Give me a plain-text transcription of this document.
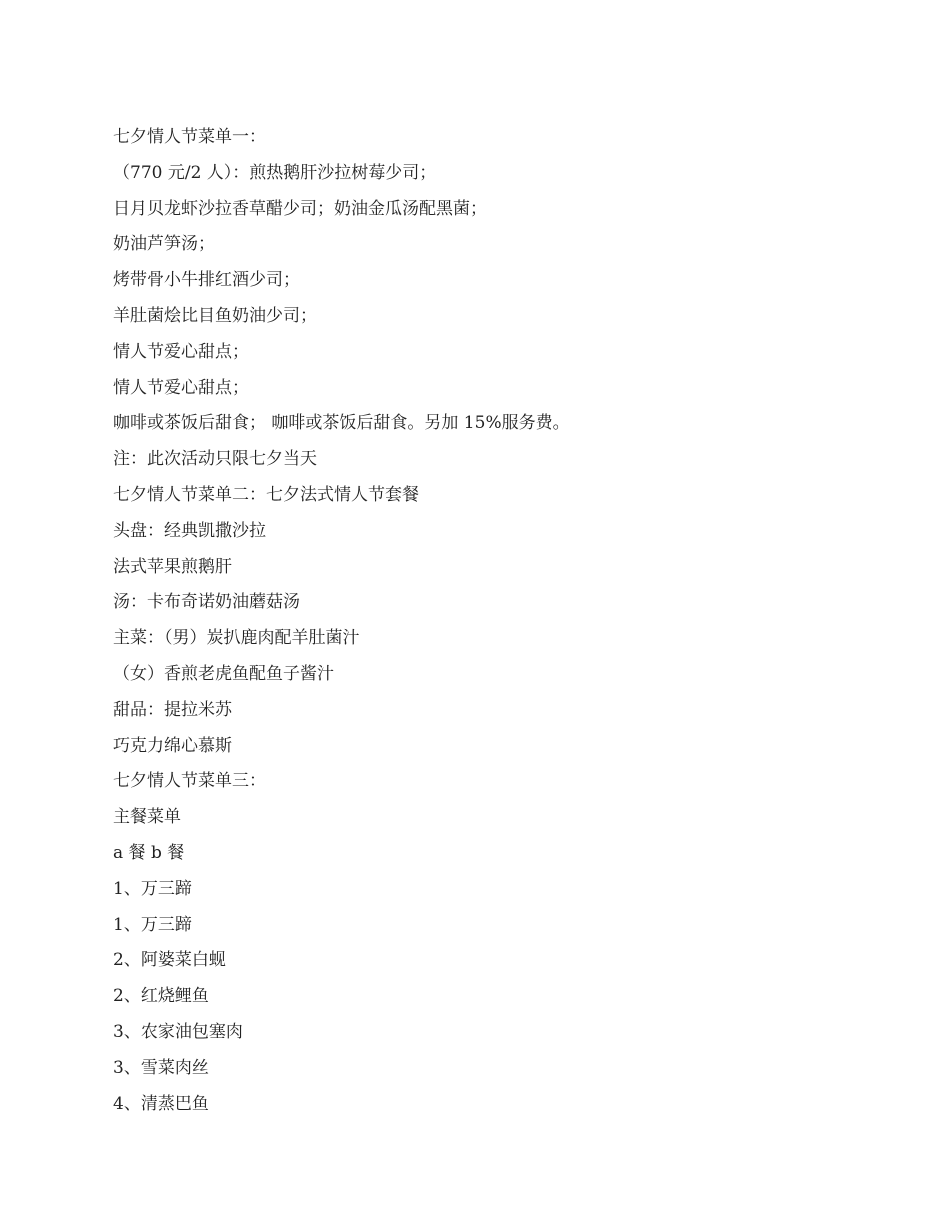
七夕情人节菜单一：
（770 元/2 人）：煎热鹅肝沙拉树莓少司；
日月贝龙虾沙拉香草醋少司；奶油金瓜汤配黑菌；
奶油芦笋汤；
烤带骨小牛排红酒少司；
羊肚菌烩比目鱼奶油少司；
情人节爱心甜点；
情人节爱心甜点；
咖啡或茶饭后甜食； 咖啡或茶饭后甜食。另加 15%服务费。
注：此次活动只限七夕当天
七夕情人节菜单二：七夕法式情人节套餐
头盘：经典凯撒沙拉
法式苹果煎鹅肝
汤：卡布奇诺奶油蘑菇汤
主菜：（男）炭扒鹿肉配羊肚菌汁
（女）香煎老虎鱼配鱼子酱汁
甜品：提拉米苏
巧克力绵心慕斯
七夕情人节菜单三：
主餐菜单
a 餐 b 餐
1、万三蹄
1、万三蹄
2、阿婆菜白蚬
2、红烧鲤鱼
3、农家油包塞肉
3、雪菜肉丝
4、清蒸巴鱼
